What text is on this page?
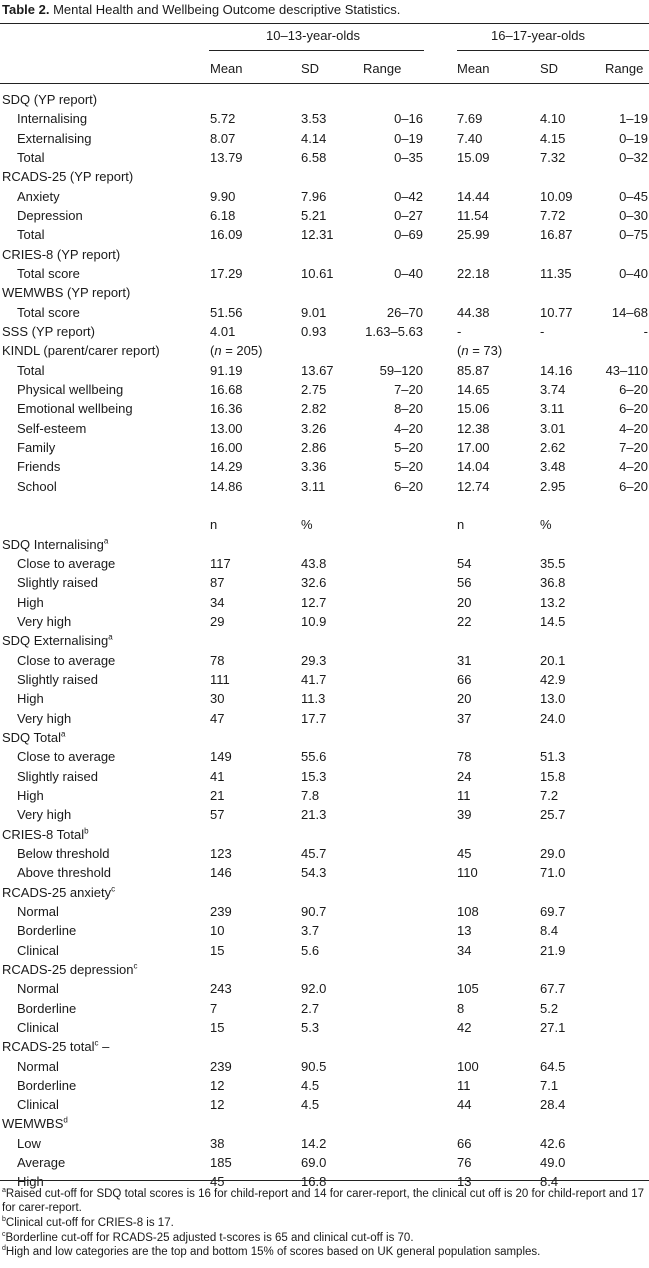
Table 2. Mental Health and Wellbeing Outcome descriptive Statistics.
10–13-year-olds	16–17-year-olds
Mean	SD	Range	Mean	SD	Range
SDQ (YP report)
Internalising	5.72	3.53	0–16	7.69	4.10	1–19
Externalising	8.07	4.14	0–19	7.40	4.15	0–19
Total	13.79	6.58	0–35	15.09	7.32	0–32
RCADS-25 (YP report)
Anxiety	9.90	7.96	0–42	14.44	10.09	0–45
Depression	6.18	5.21	0–27	11.54	7.72	0–30
Total	16.09	12.31	0–69	25.99	16.87	0–75
CRIES-8 (YP report)
Total score	17.29	10.61	0–40	22.18	11.35	0–40
WEMWBS (YP report)
Total score	51.56	9.01	26–70	44.38	10.77	14–68
SSS (YP report)	4.01	0.93	1.63–5.63	-	-	-
KINDL (parent/carer report)	(n = 205)	(n = 73)
Total	91.19	13.67	59–120	85.87	14.16	43–110
Physical wellbeing	16.68	2.75	7–20	14.65	3.74	6–20
Emotional wellbeing	16.36	2.82	8–20	15.06	3.11	6–20
Self-esteem	13.00	3.26	4–20	12.38	3.01	4–20
Family	16.00	2.86	5–20	17.00	2.62	7–20
Friends	14.29	3.36	5–20	14.04	3.48	4–20
School	14.86	3.11	6–20	12.74	2.95	6–20
n	%	n	%
SDQ Internalising$^a$
Close to average	117	43.8	54	35.5
Slightly raised	87	32.6	56	36.8
High	34	12.7	20	13.2
Very high	29	10.9	22	14.5
SDQ Externalising$^a$
Close to average	78	29.3	31	20.1
Slightly raised	111	41.7	66	42.9
High	30	11.3	20	13.0
Very high	47	17.7	37	24.0
SDQ Total$^a$
Close to average	149	55.6	78	51.3
Slightly raised	41	15.3	24	15.8
High	21	7.8	11	7.2
Very high	57	21.3	39	25.7
CRIES-8 Total$^b$
Below threshold	123	45.7	45	29.0
Above threshold	146	54.3	110	71.0
RCADS-25 anxiety$^c$
Normal	239	90.7	108	69.7
Borderline	10	3.7	13	8.4
Clinical	15	5.6	34	21.9
RCADS-25 depression$^c$
Normal	243	92.0	105	67.7
Borderline	7	2.7	8	5.2
Clinical	15	5.3	42	27.1
RCADS-25 total$^c$ –
Normal	239	90.5	100	64.5
Borderline	12	4.5	11	7.1
Clinical	12	4.5	44	28.4
WEMWBS$^d$
Low	38	14.2	66	42.6
Average	185	69.0	76	49.0
High	45	16.8	13	8.4
$^a$Raised cut-off for SDQ total scores is 16 for child-report and 14 for carer-report, the clinical cut off is 20 for child-report and 17 for carer-report.
$^b$Clinical cut-off for CRIES-8 is 17.
$^c$Borderline cut-off for RCADS-25 adjusted t-scores is 65 and clinical cut-off is 70.
$^d$High and low categories are the top and bottom 15% of scores based on UK general population samples.
